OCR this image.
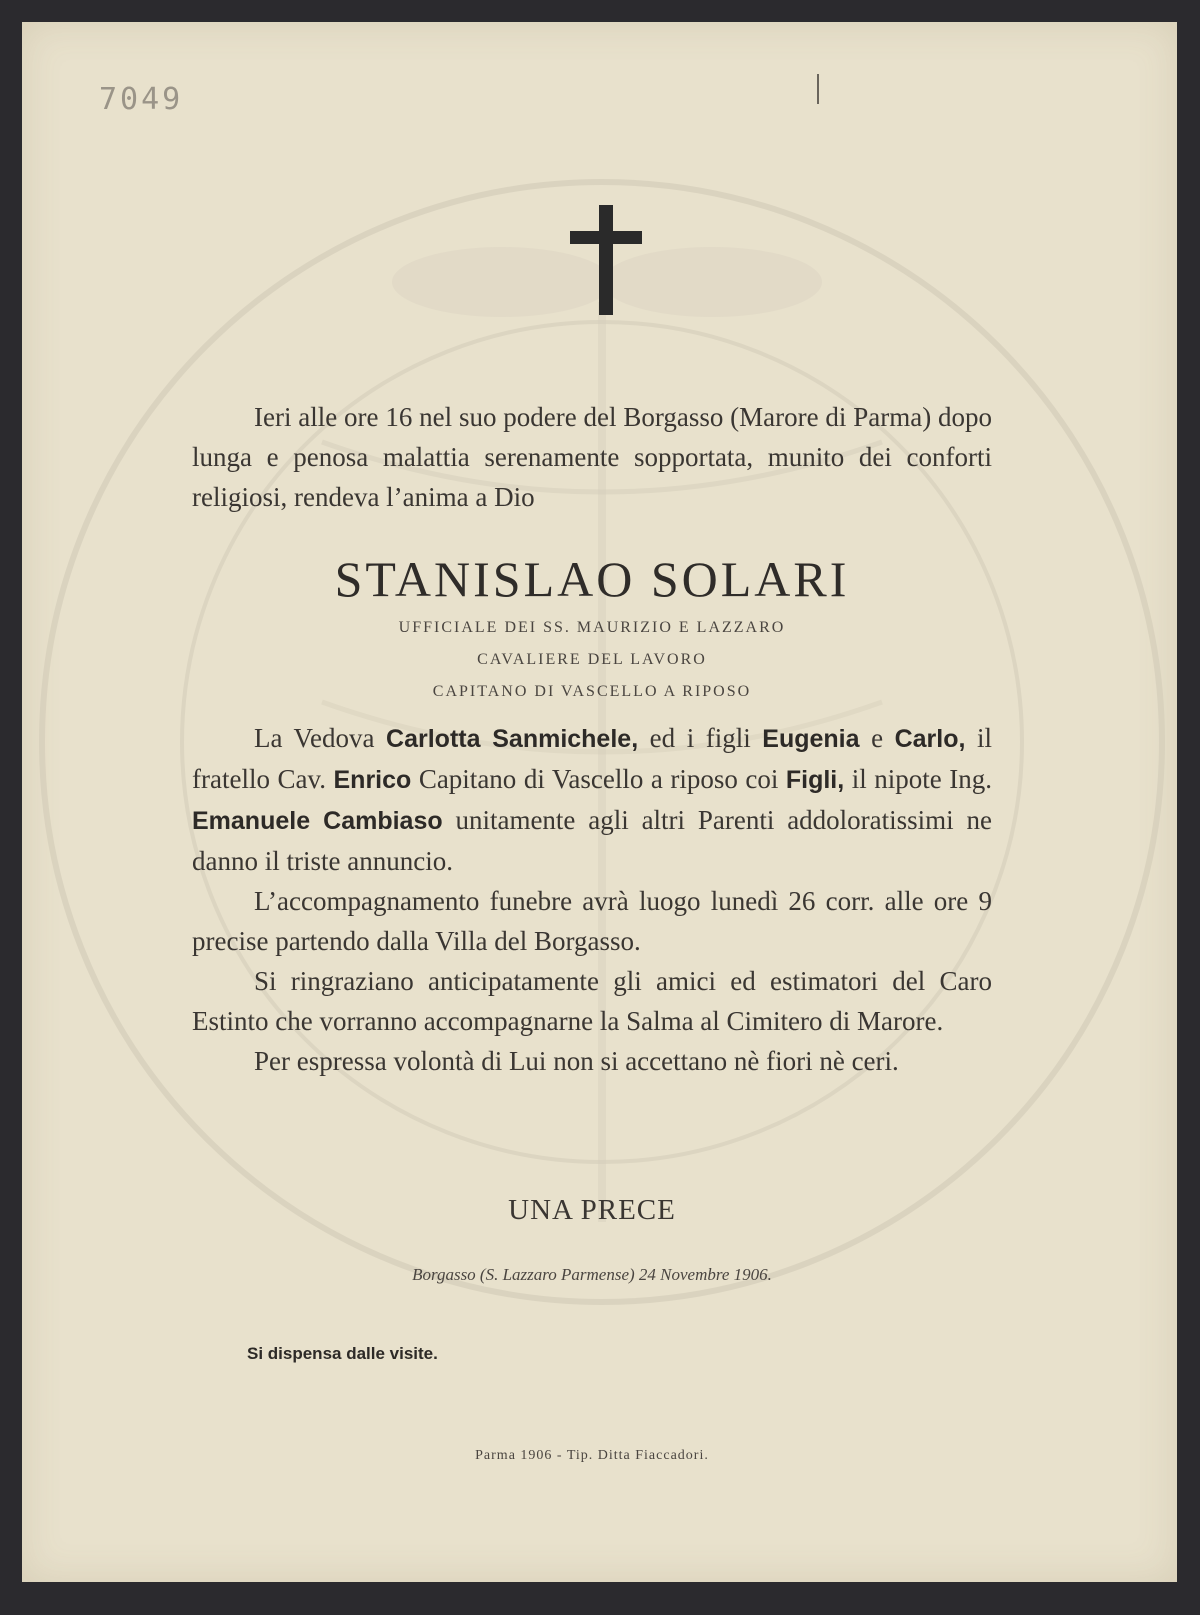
7049

Ieri alle ore 16 nel suo podere del Borgasso (Marore di Parma) dopo lunga e penosa malattia serenamente sopportata, munito dei conforti religiosi, rendeva l’anima a Dio

STANISLAO SOLARI
UFFICIALE DEI SS. MAURIZIO E LAZZARO
CAVALIERE DEL LAVORO
CAPITANO DI VASCELLO A RIPOSO

La Vedova Carlotta Sanmichele, ed i figli Eugenia e Carlo, il fratello Cav. Enrico Capitano di Vascello a riposo coi Figli, il nipote Ing. Emanuele Cambiaso unitamente agli altri Parenti addoloratissimi ne danno il triste annuncio.

L’accompagnamento funebre avrà luogo lunedì 26 corr. alle ore 9 precise partendo dalla Villa del Borgasso.

Si ringraziano anticipatamente gli amici ed estimatori del Caro Estinto che vorranno accompagnarne la Salma al Cimitero di Marore.

Per espressa volontà di Lui non si accettano nè fiori nè ceri.

UNA PRECE
Borgasso (S. Lazzaro Parmense) 24 Novembre 1906.
Si dispensa dalle visite.
Parma 1906 - Tip. Ditta Fiaccadori.
